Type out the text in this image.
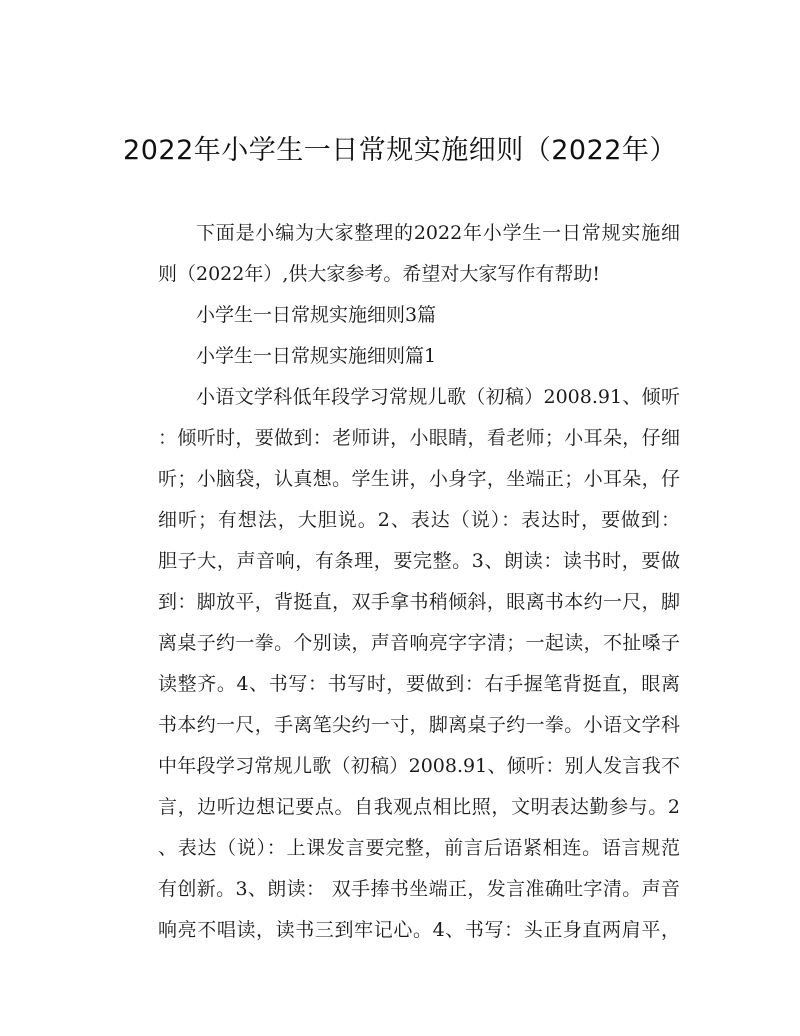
2022年小学生一日常规实施细则（2022年）
下面是小编为大家整理的2022年小学生一日常规实施细
则（2022年）,供大家参考。希望对大家写作有帮助!
小学生一日常规实施细则3篇
小学生一日常规实施细则篇1
小语文学科低年段学习常规儿歌（初稿）2008.91、倾听
：倾听时，要做到：老师讲，小眼睛，看老师；小耳朵，仔细
听；小脑袋，认真想。学生讲，小身字，坐端正；小耳朵，仔
细听；有想法，大胆说。2、表达（说）：表达时，要做到：
胆子大，声音响，有条理，要完整。3、朗读：读书时，要做
到：脚放平，背挺直，双手拿书稍倾斜，眼离书本约一尺，脚
离桌子约一拳。个别读，声音响亮字字清；一起读，不扯嗓子
读整齐。4、书写：书写时，要做到：右手握笔背挺直，眼离
书本约一尺，手离笔尖约一寸，脚离桌子约一拳。小语文学科
中年段学习常规儿歌（初稿）2008.91、倾听：别人发言我不
言，边听边想记要点。自我观点相比照，文明表达勤参与。2
、表达（说）：上课发言要完整，前言后语紧相连。语言规范
有创新。3、朗读： 双手捧书坐端正，发言准确吐字清。声音
响亮不唱读，读书三到牢记心。4、书写：头正身直两肩平，
